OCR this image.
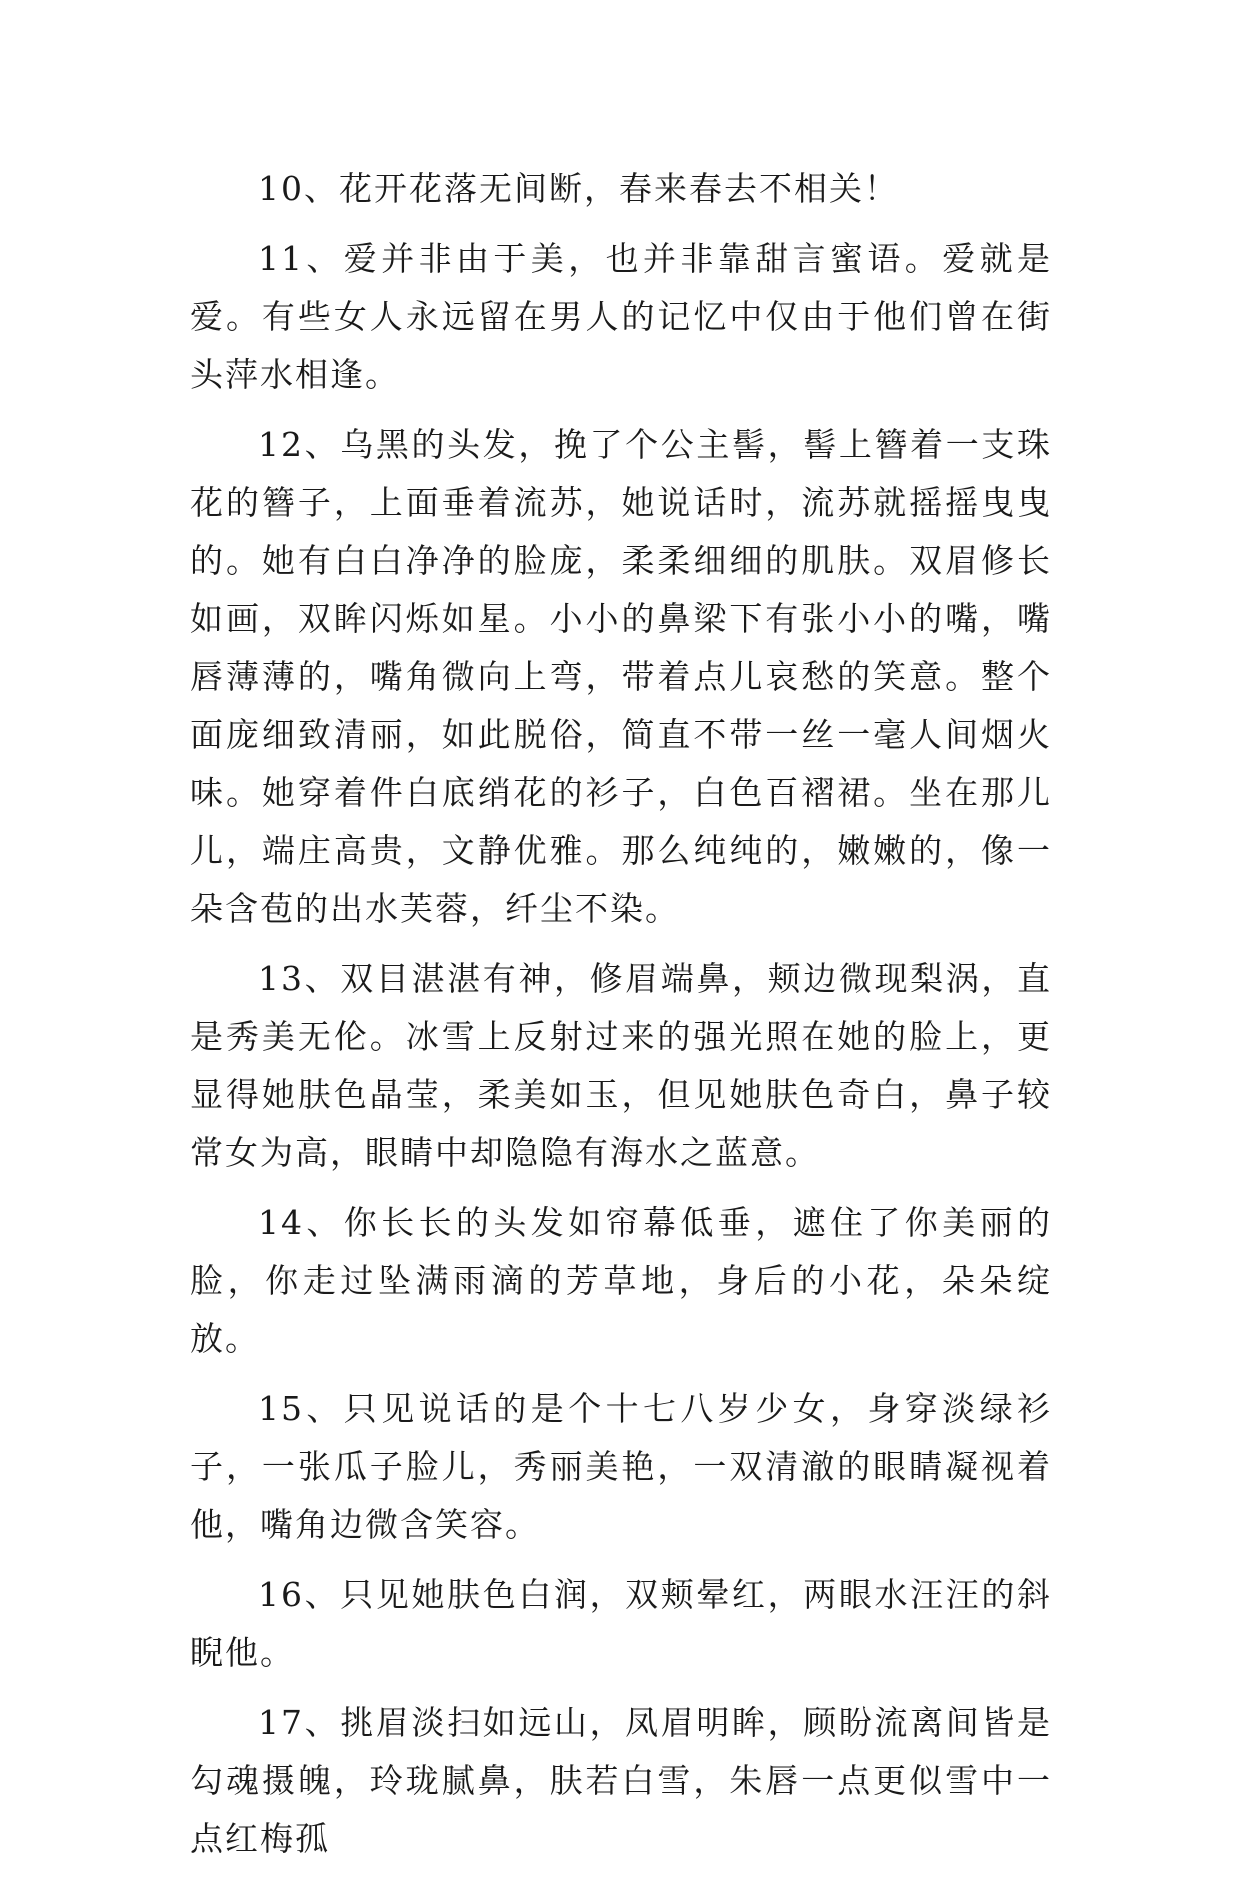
10、花开花落无间断，春来春去不相关！

11、爱并非由于美，也并非靠甜言蜜语。爱就是爱。有些女人永远留在男人的记忆中仅由于他们曾在街头萍水相逢。

12、乌黑的头发，挽了个公主髻，髻上簪着一支珠花的簪子，上面垂着流苏，她说话时，流苏就摇摇曳曳的。她有白白净净的脸庞，柔柔细细的肌肤。双眉修长如画，双眸闪烁如星。小小的鼻梁下有张小小的嘴，嘴唇薄薄的，嘴角微向上弯，带着点儿哀愁的笑意。整个面庞细致清丽，如此脱俗，简直不带一丝一毫人间烟火味。她穿着件白底绡花的衫子，白色百褶裙。坐在那儿儿，端庄高贵，文静优雅。那么纯纯的，嫩嫩的，像一朵含苞的出水芙蓉，纤尘不染。

13、双目湛湛有神，修眉端鼻，颊边微现梨涡，直是秀美无伦。冰雪上反射过来的强光照在她的脸上，更显得她肤色晶莹，柔美如玉，但见她肤色奇白，鼻子较常女为高，眼睛中却隐隐有海水之蓝意。

14、你长长的头发如帘幕低垂，遮住了你美丽的脸，你走过坠满雨滴的芳草地，身后的小花，朵朵绽放。

15、只见说话的是个十七八岁少女，身穿淡绿衫子，一张瓜子脸儿，秀丽美艳，一双清澈的眼睛凝视着他，嘴角边微含笑容。

16、只见她肤色白润，双颊晕红，两眼水汪汪的斜睨他。

17、挑眉淡扫如远山，凤眉明眸，顾盼流离间皆是勾魂摄魄，玲珑腻鼻，肤若白雪，朱唇一点更似雪中一点红梅孤
